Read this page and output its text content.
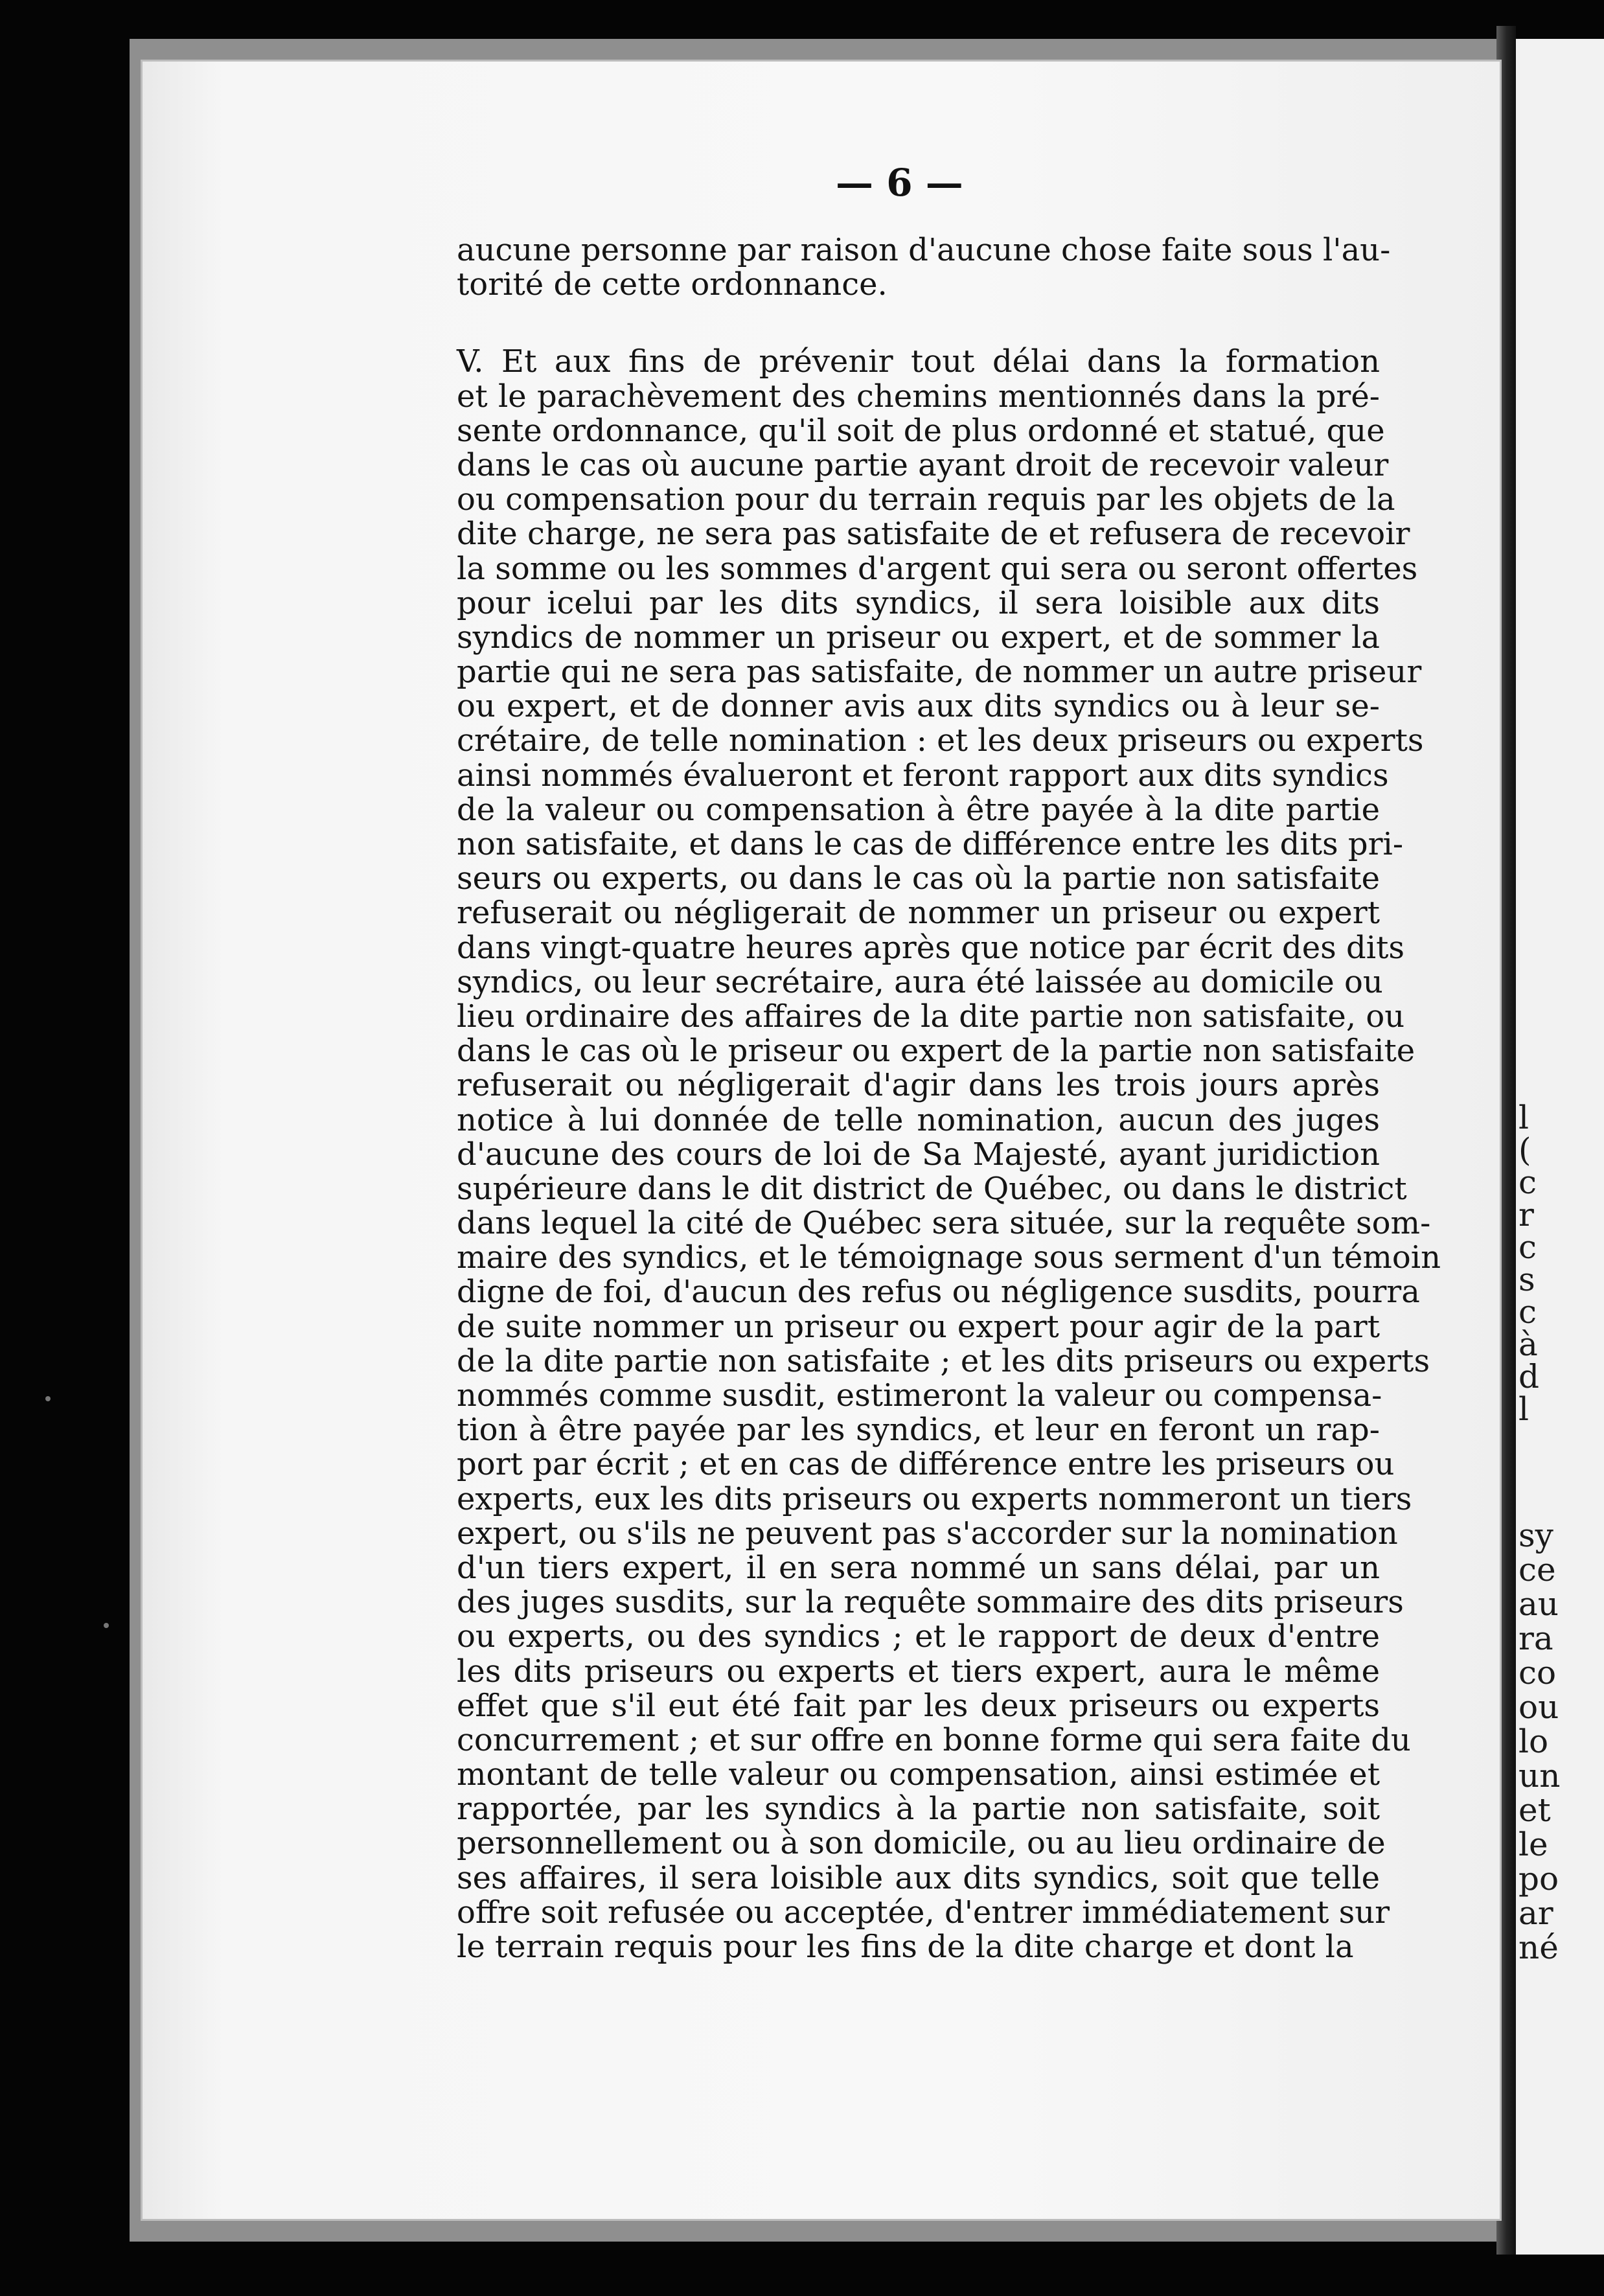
l
(
c
r
c
s
c
à
d
l
sy
ce
au
ra
co
ou
lo
un
et
le
po
ar
né
— 6 —
aucune personne par raison d'aucune chose faite sous l'au-
torité de cette ordonnance.
V. Et aux fins de prévenir tout délai dans la formation
et le parachèvement des chemins mentionnés dans la pré-
sente ordonnance, qu'il soit de plus ordonné et statué, que
dans le cas où aucune partie ayant droit de recevoir valeur
ou compensation pour du terrain requis par les objets de la
dite charge, ne sera pas satisfaite de et refusera de recevoir
la somme ou les sommes d'argent qui sera ou seront offertes
pour icelui par les dits syndics, il sera loisible aux dits
syndics de nommer un priseur ou expert, et de sommer la
partie qui ne sera pas satisfaite, de nommer un autre priseur
ou expert, et de donner avis aux dits syndics ou à leur se-
crétaire, de telle nomination : et les deux priseurs ou experts
ainsi nommés évalueront et feront rapport aux dits syndics
de la valeur ou compensation à être payée à la dite partie
non satisfaite, et dans le cas de différence entre les dits pri-
seurs ou experts, ou dans le cas où la partie non satisfaite
refuserait ou négligerait de nommer un priseur ou expert
dans vingt-quatre heures après que notice par écrit des dits
syndics, ou leur secrétaire, aura été laissée au domicile ou
lieu ordinaire des affaires de la dite partie non satisfaite, ou
dans le cas où le priseur ou expert de la partie non satisfaite
refuserait ou négligerait d'agir dans les trois jours après
notice à lui donnée de telle nomination, aucun des juges
d'aucune des cours de loi de Sa Majesté, ayant juridiction
supérieure dans le dit district de Québec, ou dans le district
dans lequel la cité de Québec sera située, sur la requête som-
maire des syndics, et le témoignage sous serment d'un témoin
digne de foi, d'aucun des refus ou négligence susdits, pourra
de suite nommer un priseur ou expert pour agir de la part
de la dite partie non satisfaite ; et les dits priseurs ou experts
nommés comme susdit, estimeront la valeur ou compensa-
tion à être payée par les syndics, et leur en feront un rap-
port par écrit ; et en cas de différence entre les priseurs ou
experts, eux les dits priseurs ou experts nommeront un tiers
expert, ou s'ils ne peuvent pas s'accorder sur la nomination
d'un tiers expert, il en sera nommé un sans délai, par un
des juges susdits, sur la requête sommaire des dits priseurs
ou experts, ou des syndics ; et le rapport de deux d'entre
les dits priseurs ou experts et tiers expert, aura le même
effet que s'il eut été fait par les deux priseurs ou experts
concurrement ; et sur offre en bonne forme qui sera faite du
montant de telle valeur ou compensation, ainsi estimée et
rapportée, par les syndics à la partie non satisfaite, soit
personnellement ou à son domicile, ou au lieu ordinaire de
ses affaires, il sera loisible aux dits syndics, soit que telle
offre soit refusée ou acceptée, d'entrer immédiatement sur
le terrain requis pour les fins de la dite charge et dont la
